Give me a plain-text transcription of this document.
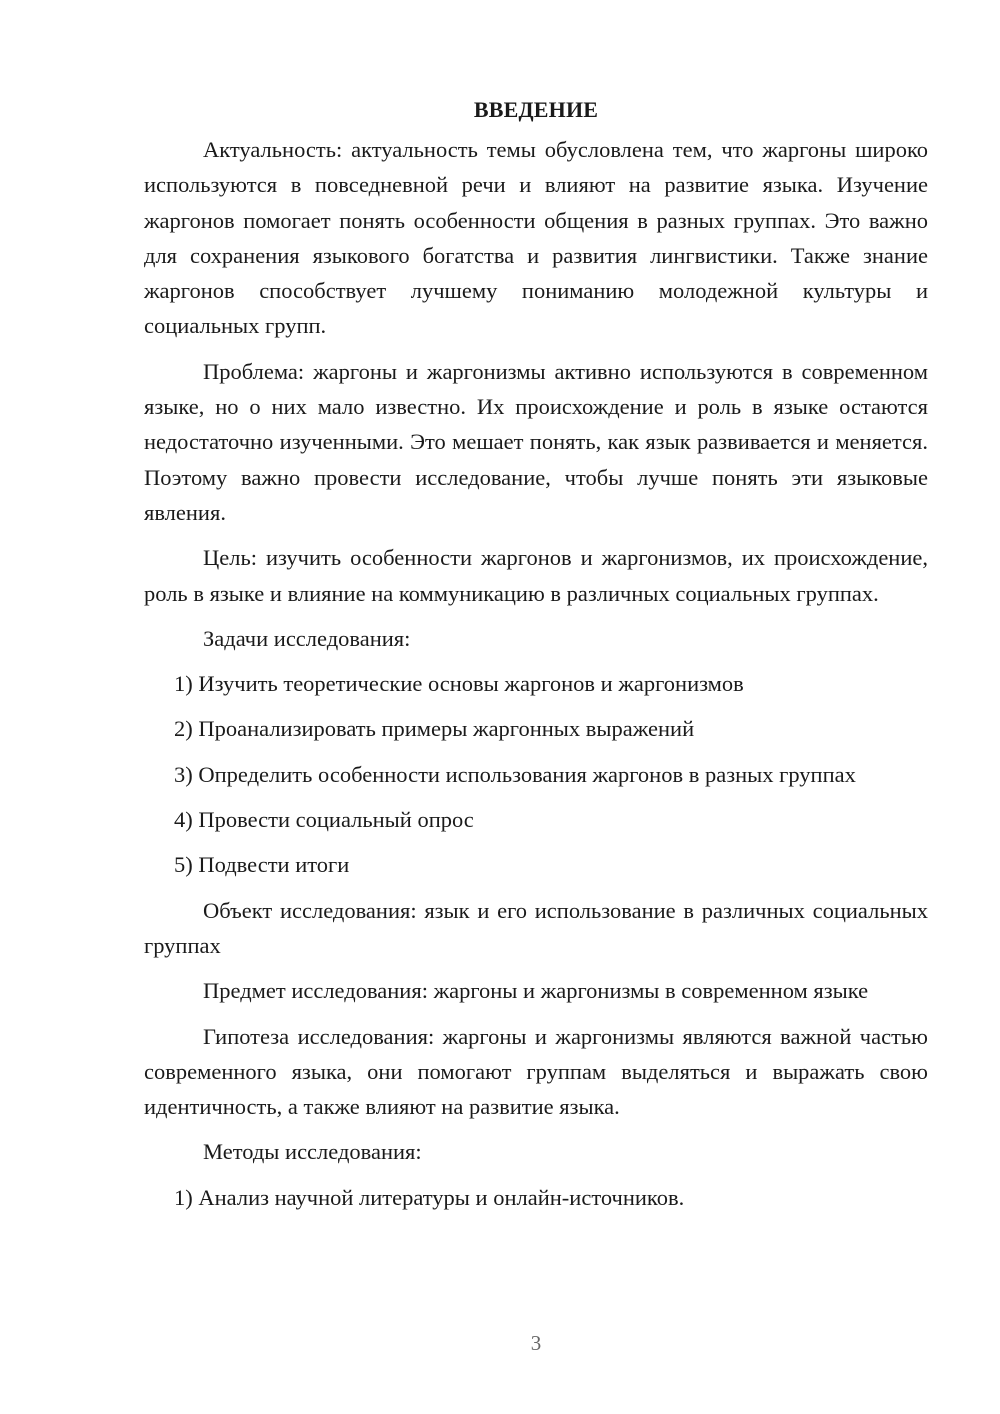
ВВЕДЕНИЕ

Актуальность: актуальность темы обусловлена тем, что жаргоны широко используются в повседневной речи и влияют на развитие языка. Изучение жаргонов помогает понять особенности общения в разных группах. Это важно для сохранения языкового богатства и развития лингвистики. Также знание жаргонов способствует лучшему пониманию молодежной культуры и социальных групп.

Проблема: жаргоны и жаргонизмы активно используются в современном языке, но о них мало известно. Их происхождение и роль в языке остаются недостаточно изученными. Это мешает понять, как язык развивается и меняется. Поэтому важно провести исследование, чтобы лучше понять эти языковые явления.

Цель: изучить особенности жаргонов и жаргонизмов, их происхождение, роль в языке и влияние на коммуникацию в различных социальных группах.

Задачи исследования:

1) Изучить теоретические основы жаргонов и жаргонизмов
2) Проанализировать примеры жаргонных выражений
3) Определить особенности использования жаргонов в разных группах
4) Провести социальный опрос
5) Подвести итоги

Объект исследования: язык и его использование в различных социальных группах

Предмет исследования: жаргоны и жаргонизмы в современном языке

Гипотеза исследования: жаргоны и жаргонизмы являются важной частью современного языка, они помогают группам выделяться и выражать свою идентичность, а также влияют на развитие языка.

Методы исследования:

1) Анализ научной литературы и онлайн-источников.
3
